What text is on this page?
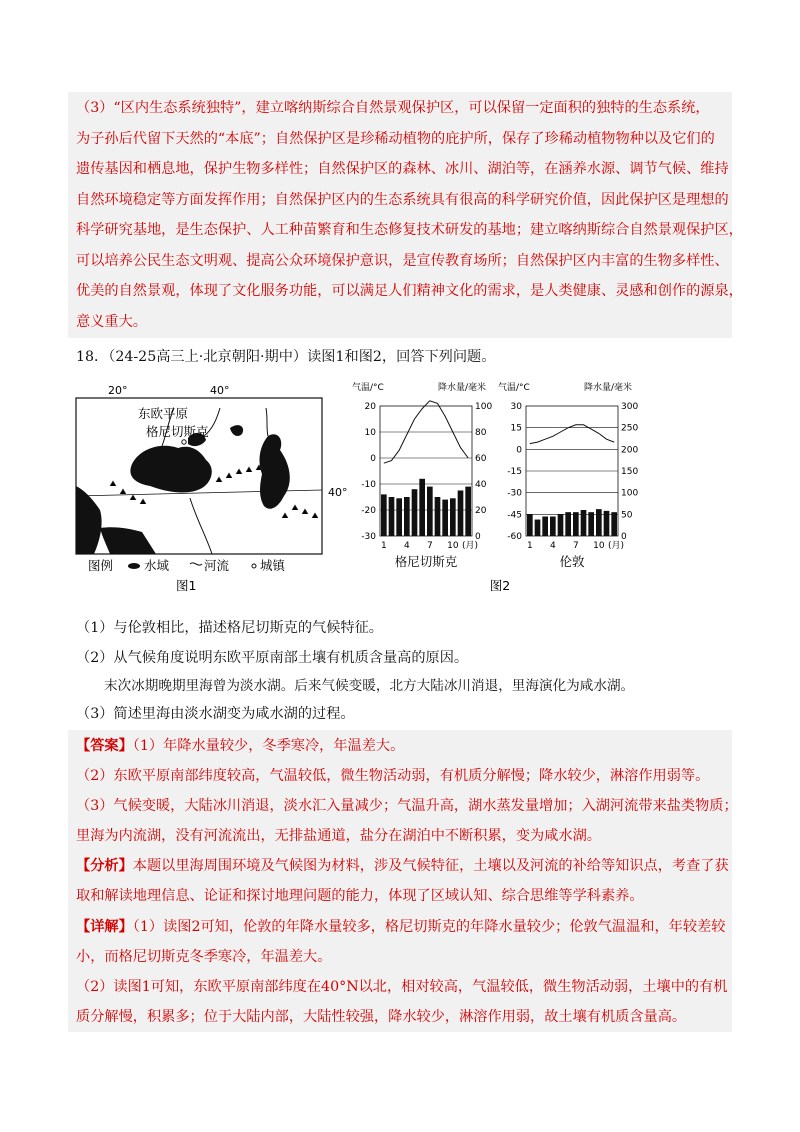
（3）“区内生态系统独特”，建立喀纳斯综合自然景观保护区，可以保留一定面积的独特的生态系统，
为子孙后代留下天然的“本底”；自然保护区是珍稀动植物的庇护所，保存了珍稀动植物物种以及它们的
遗传基因和栖息地，保护生物多样性；自然保护区的森林、冰川、湖泊等，在涵养水源、调节气候、维持
自然环境稳定等方面发挥作用；自然保护区内的生态系统具有很高的科学研究价值，因此保护区是理想的
科学研究基地，是生态保护、人工种苗繁育和生态修复技术研发的基地；建立喀纳斯综合自然景观保护区，
可以培养公民生态文明观、提高公众环境保护意识，是宣传教育场所；自然保护区内丰富的生物多样性、
优美的自然景观，体现了文化服务功能，可以满足人们精神文化的需求，是人类健康、灵感和创作的源泉，
意义重大。
18．（24-25高三上·北京朝阳·期中）读图1和图2，回答下列问题。
20°	40°
40°
东欧平原
格尼切斯克
图例 水域	河流 城镇
图1
气温/°C	降水量/毫米
20
10
0
-10
-20
-30
100
80
60
40
20
0
1 4 7 10 (月)
格尼切斯克
气温/°C	降水量/毫米
30
15
0
-15
-30
-45
-60
300
250
200
150
100
50
0
1 4 7 10 (月)
伦敦
图2
（1）与伦敦相比，描述格尼切斯克的气候特征。
（2）从气候角度说明东欧平原南部土壤有机质含量高的原因。
末次冰期晚期里海曾为淡水湖。后来气候变暖，北方大陆冰川消退，里海演化为咸水湖。
（3）简述里海由淡水湖变为咸水湖的过程。
【答案】（1）年降水量较少，冬季寒冷，年温差大。
（2）东欧平原南部纬度较高，气温较低，微生物活动弱，有机质分解慢；降水较少，淋溶作用弱等。
（3）气候变暖，大陆冰川消退，淡水汇入量减少；气温升高，湖水蒸发量增加；入湖河流带来盐类物质；
里海为内流湖，没有河流流出，无排盐通道，盐分在湖泊中不断积累，变为咸水湖。
【分析】本题以里海周围环境及气候图为材料，涉及气候特征，土壤以及河流的补给等知识点，考查了获
取和解读地理信息、论证和探讨地理问题的能力，体现了区域认知、综合思维等学科素养。
【详解】（1）读图2可知，伦敦的年降水量较多，格尼切斯克的年降水量较少；伦敦气温温和，年较差较
小，而格尼切斯克冬季寒冷，年温差大。
（2）读图1可知，东欧平原南部纬度在40°N以北，相对较高，气温较低，微生物活动弱，土壤中的有机
质分解慢，积累多；位于大陆内部，大陆性较强，降水较少，淋溶作用弱，故土壤有机质含量高。
